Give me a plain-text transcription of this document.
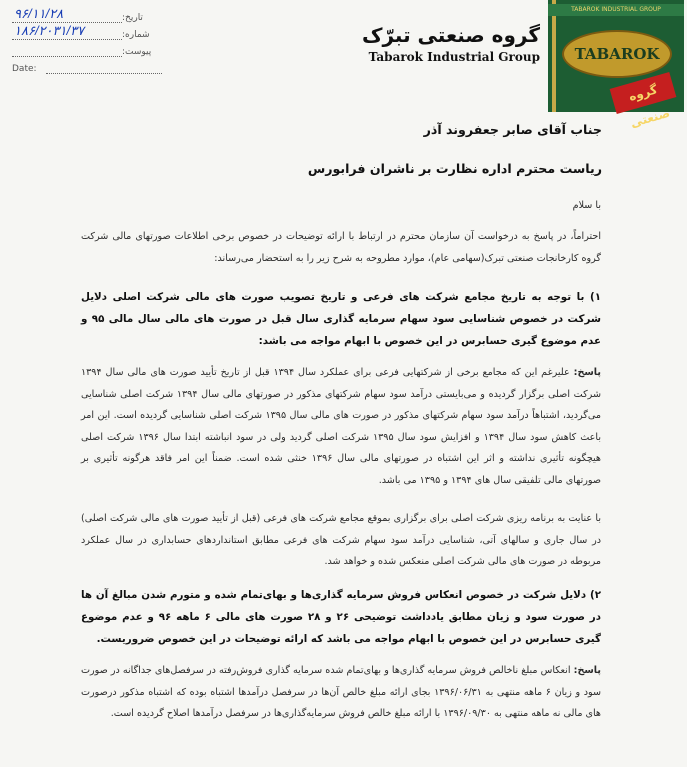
۹۶/۱۱/۲۸	تاریخ:
۱۸۶/۲۰۳۱/۳۷	شماره:
پیوست:
Date:
گروه صنعتی تبرّک
Tabarok Industrial Group
TABAROK INDUSTRIAL GROUP
TABAROK
گروه صنعتی
جناب آقای صابر جعفروند آذر
ریاست محترم اداره نظارت بر ناشران فرابورس
با سلام
احتراماً، در پاسخ به درخواست آن سازمان محترم در ارتباط با ارائه توضیحات در خصوص برخی اطلاعات صورتهای مالی شرکت گروه کارخانجات صنعتی تبرک(سهامی عام)، موارد مطروحه به شرح زیر را به استحضار می‌رساند:
۱) با توجه به تاریخ مجامع شرکت های فرعی و تاریخ تصویب صورت های مالی شرکت اصلی دلایل شرکت در خصوص شناسایی سود سهام سرمایه گذاری سال قبل در صورت های مالی سال مالی ۹۵ و عدم موضوع گیری حسابرس در این خصوص با ابهام مواجه می باشد:
پاسخ: علیرغم این که مجامع برخی از شرکتهایی فرعی برای عملکرد سال ۱۳۹۴ قبل از تاریخ تأیید صورت های مالی سال ۱۳۹۴ شرکت اصلی برگزار گردیده و می‌بایستی درآمد سود سهام شرکتهای مذکور در صورتهای مالی سال ۱۳۹۴ شرکت اصلی شناسایی می‌گردید، اشتباهاً درآمد سود سهام شرکتهای مذکور در صورت های مالی سال ۱۳۹۵ شرکت اصلی شناسایی گردیده است. این امر باعث کاهش سود سال ۱۳۹۴ و افزایش سود سال ۱۳۹۵ شرکت اصلی گردید ولی در سود انباشته ابتدا سال ۱۳۹۶ شرکت اصلی هیچگونه تأثیری نداشته و اثر این اشتباه در صورتهای مالی سال ۱۳۹۶ خنثی شده است. ضمناً این امر فاقد هرگونه تأثیری بر صورتهای مالی تلفیقی سال های ۱۳۹۴ و ۱۳۹۵ می باشد.
با عنایت به برنامه ریزی شرکت اصلی برای برگزاری بموقع مجامع شرکت های فرعی (قبل از تأیید صورت های مالی شرکت اصلی) در سال جاری و سالهای آتی، شناسایی درآمد سود سهام شرکت های فرعی مطابق استانداردهای حسابداری در سال عملکرد مربوطه در صورت های مالی شرکت اصلی منعکس شده و خواهد شد.
۲) دلایل شرکت در خصوص انعکاس فروش سرمایه گذاری‌ها و بهای‌تمام شده و متورم شدن مبالغ آن ها در صورت سود و زیان مطابق یادداشت توضیحی ۲۶ و ۲۸ صورت های مالی ۶ ماهه ۹۶ و عدم موضوع گیری حسابرس در این خصوص با ابهام مواجه می باشد که ارائه توضیحات در این خصوص ضروریست.
پاسخ: انعکاس مبلغ ناخالص فروش سرمایه گذاری‌ها و بهای‌تمام شده سرمایه گذاری فروش‌رفته در سرفصل‌های جداگانه در صورت سود و زیان ۶ ماهه منتهی به ۱۳۹۶/۰۶/۳۱ بجای ارائه مبلغ خالص آن‌ها در سرفصل درآمدها اشتباه بوده که اشتباه مذکور درصورت های مالی نه ماهه منتهی به ۱۳۹۶/۰۹/۳۰ با ارائه مبلغ خالص فروش سرمایه‌گذاری‌ها در سرفصل درآمدها اصلاح گردیده است.
